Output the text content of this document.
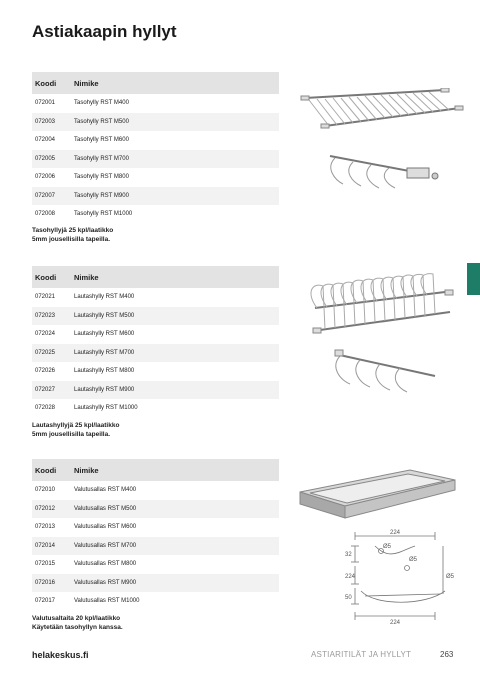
Astiakaapin hyllyt
Koodi	Nimike
072001	Tasohylly RST M400
072003	Tasohylly RST M500
072004	Tasohylly RST M600
072005	Tasohylly RST M700
072006	Tasohylly RST M800
072007	Tasohylly RST M900
072008	Tasohylly RST M1000

Tasohyllyjä 25 kpl/laatikko
5mm jousellisilla tapeilla.

Koodi	Nimike
072021	Lautashylly RST M400
072023	Lautashylly RST M500
072024	Lautashylly RST M600
072025	Lautashylly RST M700
072026	Lautashylly RST M800
072027	Lautashylly RST M900
072028	Lautashylly RST M1000

Lautashyllyjä 25 kpl/laatikko
5mm jousellisilla tapeilla.

Koodi	Nimike
072010	Valutusallas RST M400
072012	Valutusallas RST M500
072013	Valutusallas RST M600
072014	Valutusallas RST M700
072015	Valutusallas RST M800
072016	Valutusallas RST M900
072017	Valutusallas RST M1000

Valutusaltaita 20 kpl/laatikko
Käytetään tasohyllyn kanssa.

224
32
224
50
224
Ø5
Ø5
Ø5
helakeskus.fi	ASTIARITILÄT JA HYLLYT	263
